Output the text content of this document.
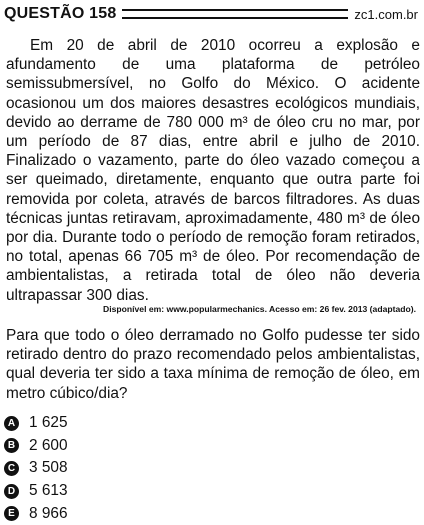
QUESTÃO 158	zc1.com.br

Em 20 de abril de 2010 ocorreu a explosão e afundamento de uma plataforma de petróleo semissubmersível, no Golfo do México. O acidente ocasionou um dos maiores desastres ecológicos mundiais, devido ao derrame de 780 000 m³ de óleo cru no mar, por um período de 87 dias, entre abril e julho de 2010. Finalizado o vazamento, parte do óleo vazado começou a ser queimado, diretamente, enquanto que outra parte foi removida por coleta, através de barcos filtradores. As duas técnicas juntas retiravam, aproximadamente, 480 m³ de óleo por dia. Durante todo o período de remoção foram retirados, no total, apenas 66 705 m³ de óleo. Por recomendação de ambientalistas, a retirada total de óleo não deveria ultrapassar 300 dias.

Disponível em: www.popularmechanics. Acesso em: 26 fev. 2013 (adaptado).

Para que todo o óleo derramado no Golfo pudesse ter sido retirado dentro do prazo recomendado pelos ambientalistas, qual deveria ter sido a taxa mínima de remoção de óleo, em metro cúbico/dia?

A 1 625
B 2 600
C 3 508
D 5 613
E 8 966
